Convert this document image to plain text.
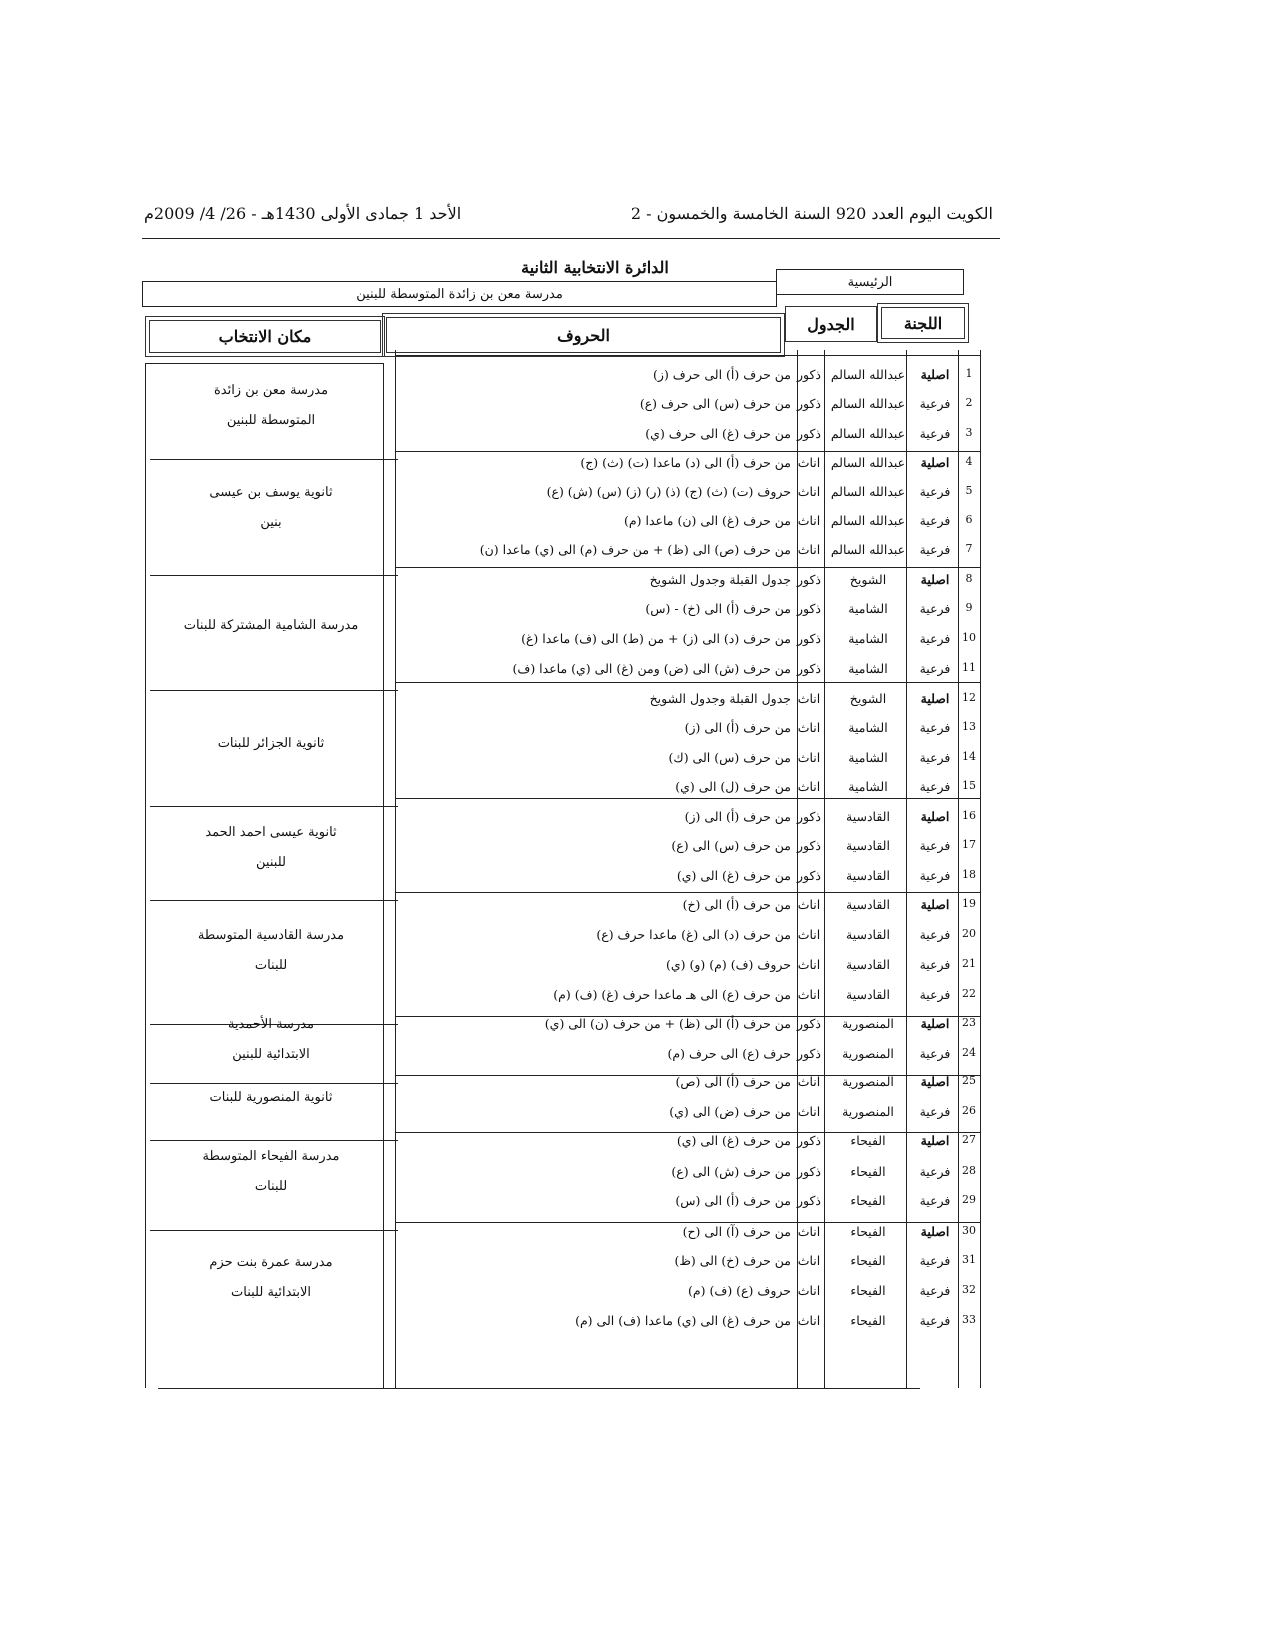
الكويت اليوم العدد 920 السنة الخامسة والخمسون - 2
الأحد 1 جمادى الأولى 1430هـ - 26/ 4/ 2009م
الدائرة الانتخابية الثانية
الرئيسية
مدرسة معن بن زائدة المتوسطة للبنين
اللجنة
الجدول
الحروف
مكان الانتخاب
1
اصلية
عبدالله السالم
ذكور
من حرف (أ) الى حرف (ز)
2
فرعية
عبدالله السالم
ذكور
من حرف (س) الى حرف (ع)
3
فرعية
عبدالله السالم
ذكور
من حرف (غ) الى حرف (ي)
4
اصلية
عبدالله السالم
اناث
من حرف (أ) الى (د) ماعدا (ت) (ث) (ج)
5
فرعية
عبدالله السالم
اناث
حروف (ت) (ث) (ج) (ذ) (ر) (ز) (س) (ش) (ع)
6
فرعية
عبدالله السالم
اناث
من حرف (غ) الى (ن) ماعدا (م)
7
فرعية
عبدالله السالم
اناث
من حرف (ص) الى (ظ) + من حرف (م) الى (ي) ماعدا (ن)
8
اصلية
الشويخ
ذكور
جدول القبلة وجدول الشويخ
9
فرعية
الشامية
ذكور
من حرف (أ) الى (خ) - (س)
10
فرعية
الشامية
ذكور
من حرف (د) الى (ز) + من (ط) الى (ف) ماعدا (غ)
11
فرعية
الشامية
ذكور
من حرف (ش) الى (ض) ومن (غ) الى (ي) ماعدا (ف)
12
اصلية
الشويخ
اناث
جدول القبلة وجدول الشويخ
13
فرعية
الشامية
اناث
من حرف (أ) الى (ز)
14
فرعية
الشامية
اناث
من حرف (س) الى (ك)
15
فرعية
الشامية
اناث
من حرف (ل) الى (ي)
16
اصلية
القادسية
ذكور
من حرف (أ) الى (ز)
17
فرعية
القادسية
ذكور
من حرف (س) الى (ع)
18
فرعية
القادسية
ذكور
من حرف (غ) الى (ي)
19
اصلية
القادسية
اناث
من حرف (أ) الى (خ)
20
فرعية
القادسية
اناث
من حرف (د) الى (غ) ماعدا حرف (ع)
21
فرعية
القادسية
اناث
حروف (ف) (م) (و) (ي)
22
فرعية
القادسية
اناث
من حرف (ع) الى هـ ماعدا حرف (غ) (ف) (م)
23
اصلية
المنصورية
ذكور
من حرف (أ) الى (ظ) + من حرف (ن) الى (ي)
24
فرعية
المنصورية
ذكور
حرف (ع) الى حرف (م)
25
اصلية
المنصورية
اناث
من حرف (أ) الى (ص)
26
فرعية
المنصورية
اناث
من حرف (ض) الى (ي)
27
اصلية
الفيحاء
ذكور
من حرف (غ) الى (ي)
28
فرعية
الفيحاء
ذكور
من حرف (ش) الى (ع)
29
فرعية
الفيحاء
ذكور
من حرف (أ) الى (س)
30
اصلية
الفيحاء
اناث
من حرف (آ) الى (ح)
31
فرعية
الفيحاء
اناث
من حرف (خ) الى (ظ)
32
فرعية
الفيحاء
اناث
حروف (ع) (ف) (م)
33
فرعية
الفيحاء
اناث
من حرف (غ) الى (ي) ماعدا (ف) الى (م)
مدرسة معن بن زائدة
المتوسطة للبنين
ثانوية يوسف بن عيسى
بنين
مدرسة الشامية المشتركة للبنات
ثانوية الجزائر للبنات
ثانوية عيسى احمد الحمد
للبنين
مدرسة القادسية المتوسطة
للبنات
مدرسة الأحمدية
الابتدائية للبنين
ثانوية المنصورية للبنات
مدرسة الفيحاء المتوسطة
للبنات
مدرسة عمرة بنت حزم
الابتدائية للبنات
